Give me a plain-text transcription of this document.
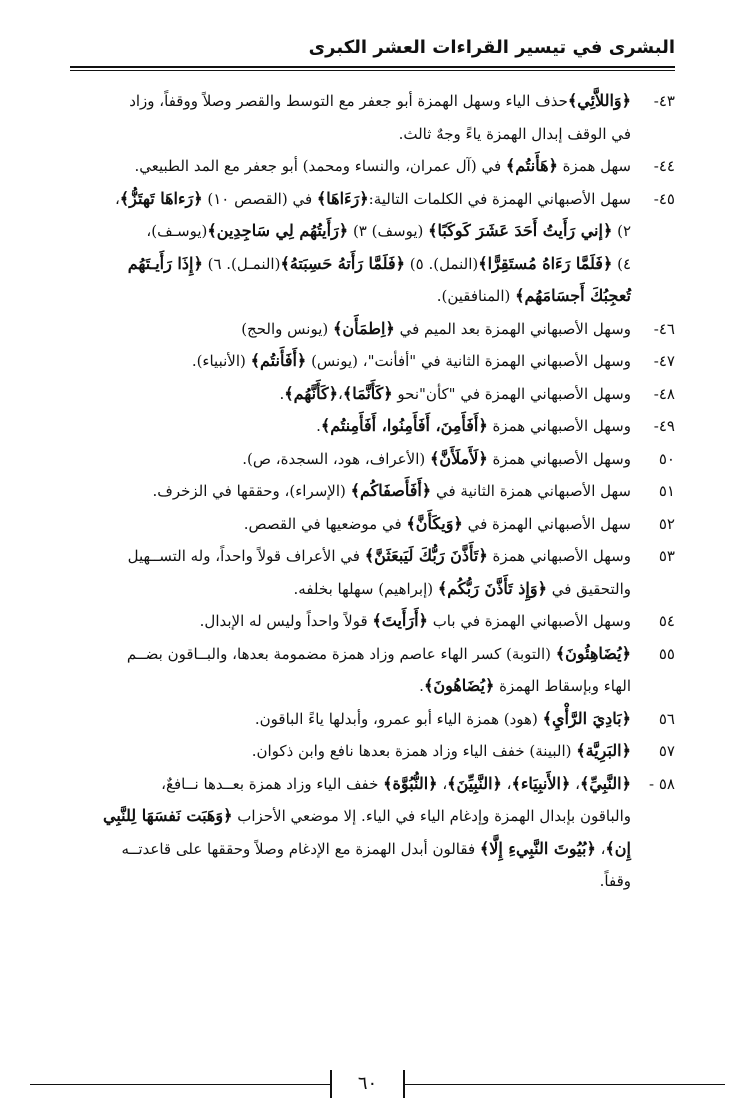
البشرى في تيسير القراءات العشر الكبرى
٤٣-
﴿وَاللاَّئِي﴾حذف الياء وسهل الهمزة أبو جعفر مع التوسط والقصر وصلاً ووقفاً، وزاد
في الوقف إبدال الهمزة ياءً وجهٌ ثالث.
٤٤-
سهل همزة ﴿هَأَنتُم﴾ في (آل عمران، والنساء ومحمد) أبو جعفر مع المد الطبيعي.
٤٥-
سهل الأصبهاني الهمزة في الكلمات التالية:﴿رَءَاهَا﴾ في (القصص ١٠) ﴿رَءاهَا تَهتَزُّ﴾،
٢) ﴿إني رَأَيتُ أَحَدَ عَشَرَ كَوكَبًا﴾ (يوسف) ٣) ﴿رَأَيتُهُم لِي سَاجِدِين﴾(يوسـف)،
٤) ﴿فَلَمَّا رَءَاهُ مُستَقِرًّا﴾(النمل). ٥) ﴿فَلَمَّا رَأَتهُ حَسِبَتهُ﴾(النمـل). ٦) ﴿إِذَا رَأَيـتَهُم
تُعجِبُكَ أَجسَامَهُم﴾ (المنافقين).
٤٦-
وسهل الأصبهاني الهمزة بعد الميم في ﴿اِطمَأَن﴾ (يونس والحج)
٤٧-
وسهل الأصبهاني الهمزة الثانية في "أفأنت"، (يونس) ﴿أَفَأَنتُم﴾ (الأنبياء).
٤٨-
وسهل الأصبهاني الهمزة في "كأن"نحو ﴿كَأَنَّمَا﴾،﴿كَأَنَّهُم﴾.
٤٩-
وسهل الأصبهاني همزة ﴿أَفَأَمِنَ، أَفَأَمِنُوا، أَفَأَمِنتُم﴾.
٥٠
وسهل الأصبهاني همزة ﴿لَأَملَأَنَّ﴾ (الأعراف، هود، السجدة، ص).
٥١
سهل الأصبهاني همزة الثانية في ﴿أَفَأَصفَاكُم﴾ (الإسراء)، وحققها في الزخرف.
٥٢
سهل الأصبهاني الهمزة في ﴿وَيكَأَنَّ﴾ في موضعيها في القصص.
٥٣
وسهل الأصبهاني همزة ﴿تَأَذَّنَ رَبُّكَ لَيَبعَثَنَّ﴾ في الأعراف قولاً واحداً، وله التســهيل
والتحقيق في ﴿وَإِذ تَأَذَّنَ رَبُّكُم﴾ (إبراهيم) سهلها بخلفه.
٥٤
وسهل الأصبهاني الهمزة في باب ﴿أَرَأَيتَ﴾ قولاً واحداً وليس له الإبدال.
٥٥
﴿يُضَاهِئُونَ﴾ (التوبة) كسر الهاء عاصم وزاد همزة مضمومة بعدها، والبــاقون بضــم
الهاء وبإسقاط الهمزة ﴿يُضَاهُونَ﴾.
٥٦
﴿بَادِيَ الرَّأْيِ﴾ (هود) همزة الياء أبو عمرو، وأبدلها ياءً الباقون.
٥٧
﴿البَرِيَّة﴾ (البينة) خفف الياء وزاد همزة بعدها نافع وابن ذكوان.
٥٨ -
﴿النَّبِيِّ﴾، ﴿الأَنبِيَاء﴾، ﴿النَّبِيِّنَ﴾، ﴿النُّبُوَّة﴾ خفف الياء وزاد همزة بعــدها نــافعٌ،
والباقون بإبدال الهمزة وإدغام الياء في الياء. إلا موضعي الأحزاب ﴿وَهَبَت نَفسَهَا لِلنَّبِي
إِن﴾، ﴿بُيُوتَ النَّبِيءِ إِلَّا﴾ فقالون أبدل الهمزة مع الإدغام وصلاً وحققها على قاعدتــه
وقفاً.
٦٠
